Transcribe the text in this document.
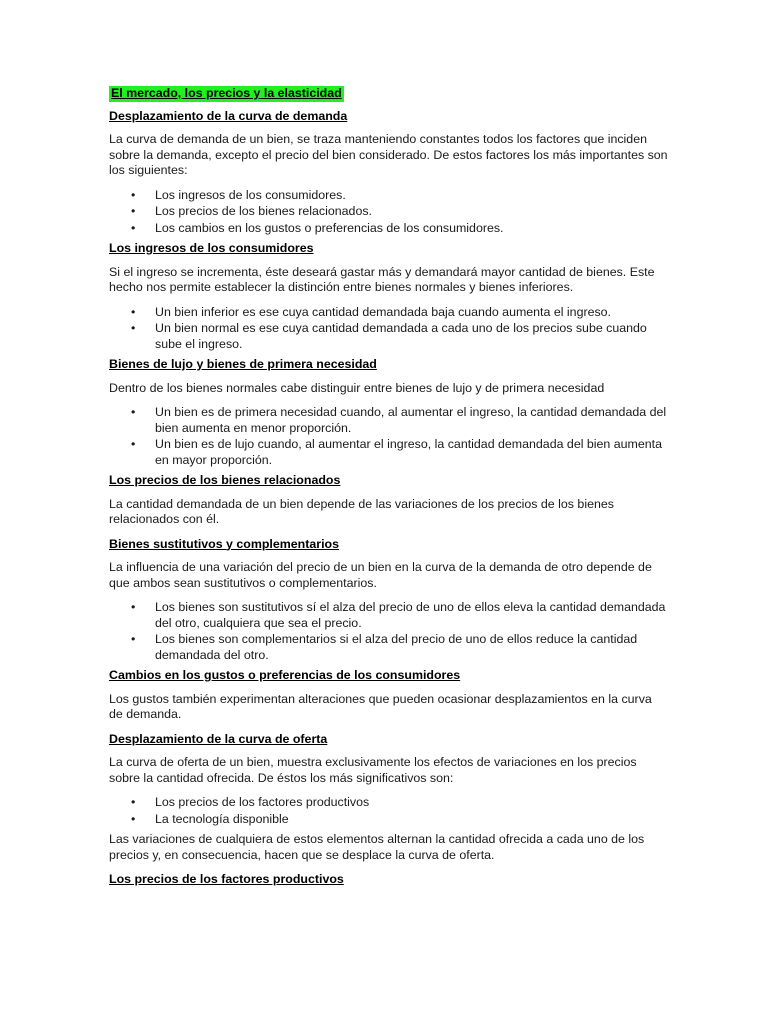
El mercado, los precios y la elasticidad
Desplazamiento de la curva de demanda

La curva de demanda de un bien, se traza manteniendo constantes todos los factores que inciden sobre la demanda, excepto el precio del bien considerado. De estos factores los más importantes son los siguientes:

• Los ingresos de los consumidores.
• Los precios de los bienes relacionados.
• Los cambios en los gustos o preferencias de los consumidores.
Los ingresos de los consumidores

Si el ingreso se incrementa, éste deseará gastar más y demandará mayor cantidad de bienes. Este hecho nos permite establecer la distinción entre bienes normales y bienes inferiores.

• Un bien inferior es ese cuya cantidad demandada baja cuando aumenta el ingreso.
• Un bien normal es ese cuya cantidad demandada a cada uno de los precios sube cuando sube el ingreso.
Bienes de lujo y bienes de primera necesidad

Dentro de los bienes normales cabe distinguir entre bienes de lujo y de primera necesidad

• Un bien es de primera necesidad cuando, al aumentar el ingreso, la cantidad demandada del bien aumenta en menor proporción.
• Un bien es de lujo cuando, al aumentar el ingreso, la cantidad demandada del bien aumenta en mayor proporción.
Los precios de los bienes relacionados

La cantidad demandada de un bien depende de las variaciones de los precios de los bienes relacionados con él.

Bienes sustitutivos y complementarios

La influencia de una variación del precio de un bien en la curva de la demanda de otro depende de que ambos sean sustitutivos o complementarios.

• Los bienes son sustitutivos sí el alza del precio de uno de ellos eleva la cantidad demandada del otro, cualquiera que sea el precio.
• Los bienes son complementarios si el alza del precio de uno de ellos reduce la cantidad demandada del otro.
Cambios en los gustos o preferencias de los consumidores

Los gustos también experimentan alteraciones que pueden ocasionar desplazamientos en la curva de demanda.

Desplazamiento de la curva de oferta

La curva de oferta de un bien, muestra exclusivamente los efectos de variaciones en los precios sobre la cantidad ofrecida. De éstos los más significativos son:

• Los precios de los factores productivos
• La tecnología disponible

Las variaciones de cualquiera de estos elementos alternan la cantidad ofrecida a cada uno de los precios y, en consecuencia, hacen que se desplace la curva de oferta.

Los precios de los factores productivos
